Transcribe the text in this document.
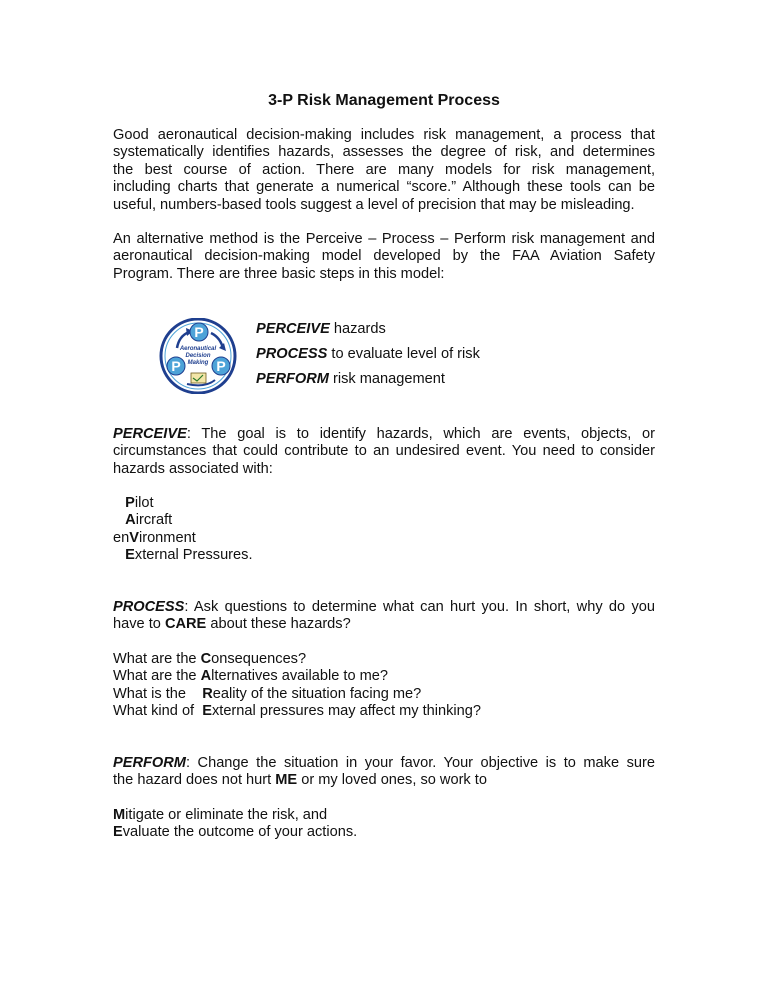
3-P Risk Management Process

Good aeronautical decision-making includes risk management, a process that
systematically identifies hazards, assesses the degree of risk, and determines
the best course of action. There are many models for risk management,
including charts that generate a numerical “score.” Although these tools can be
useful, numbers-based tools suggest a level of precision that may be misleading.

An alternative method is the Perceive – Process – Perform risk management and
aeronautical decision-making model developed by the FAA Aviation Safety
Program. There are three basic steps in this model:

P
P	P
Aeronautical
Decision
Making
PERCEIVE hazards
PROCESS to evaluate level of risk
PERFORM risk management

PERCEIVE: The goal is to identify hazards, which are events, objects, or
circumstances that could contribute to an undesired event. You need to consider
hazards associated with:

Pilot
Aircraft
enVironment
External Pressures.

PROCESS: Ask questions to determine what can hurt you. In short, why do you
have to CARE about these hazards?

What are the Consequences?
What are the Alternatives available to me?
What is the    Reality of the situation facing me?
What kind of  External pressures may affect my thinking?

PERFORM: Change the situation in your favor. Your objective is to make sure
the hazard does not hurt ME or my loved ones, so work to

Mitigate or eliminate the risk, and
Evaluate the outcome of your actions.
